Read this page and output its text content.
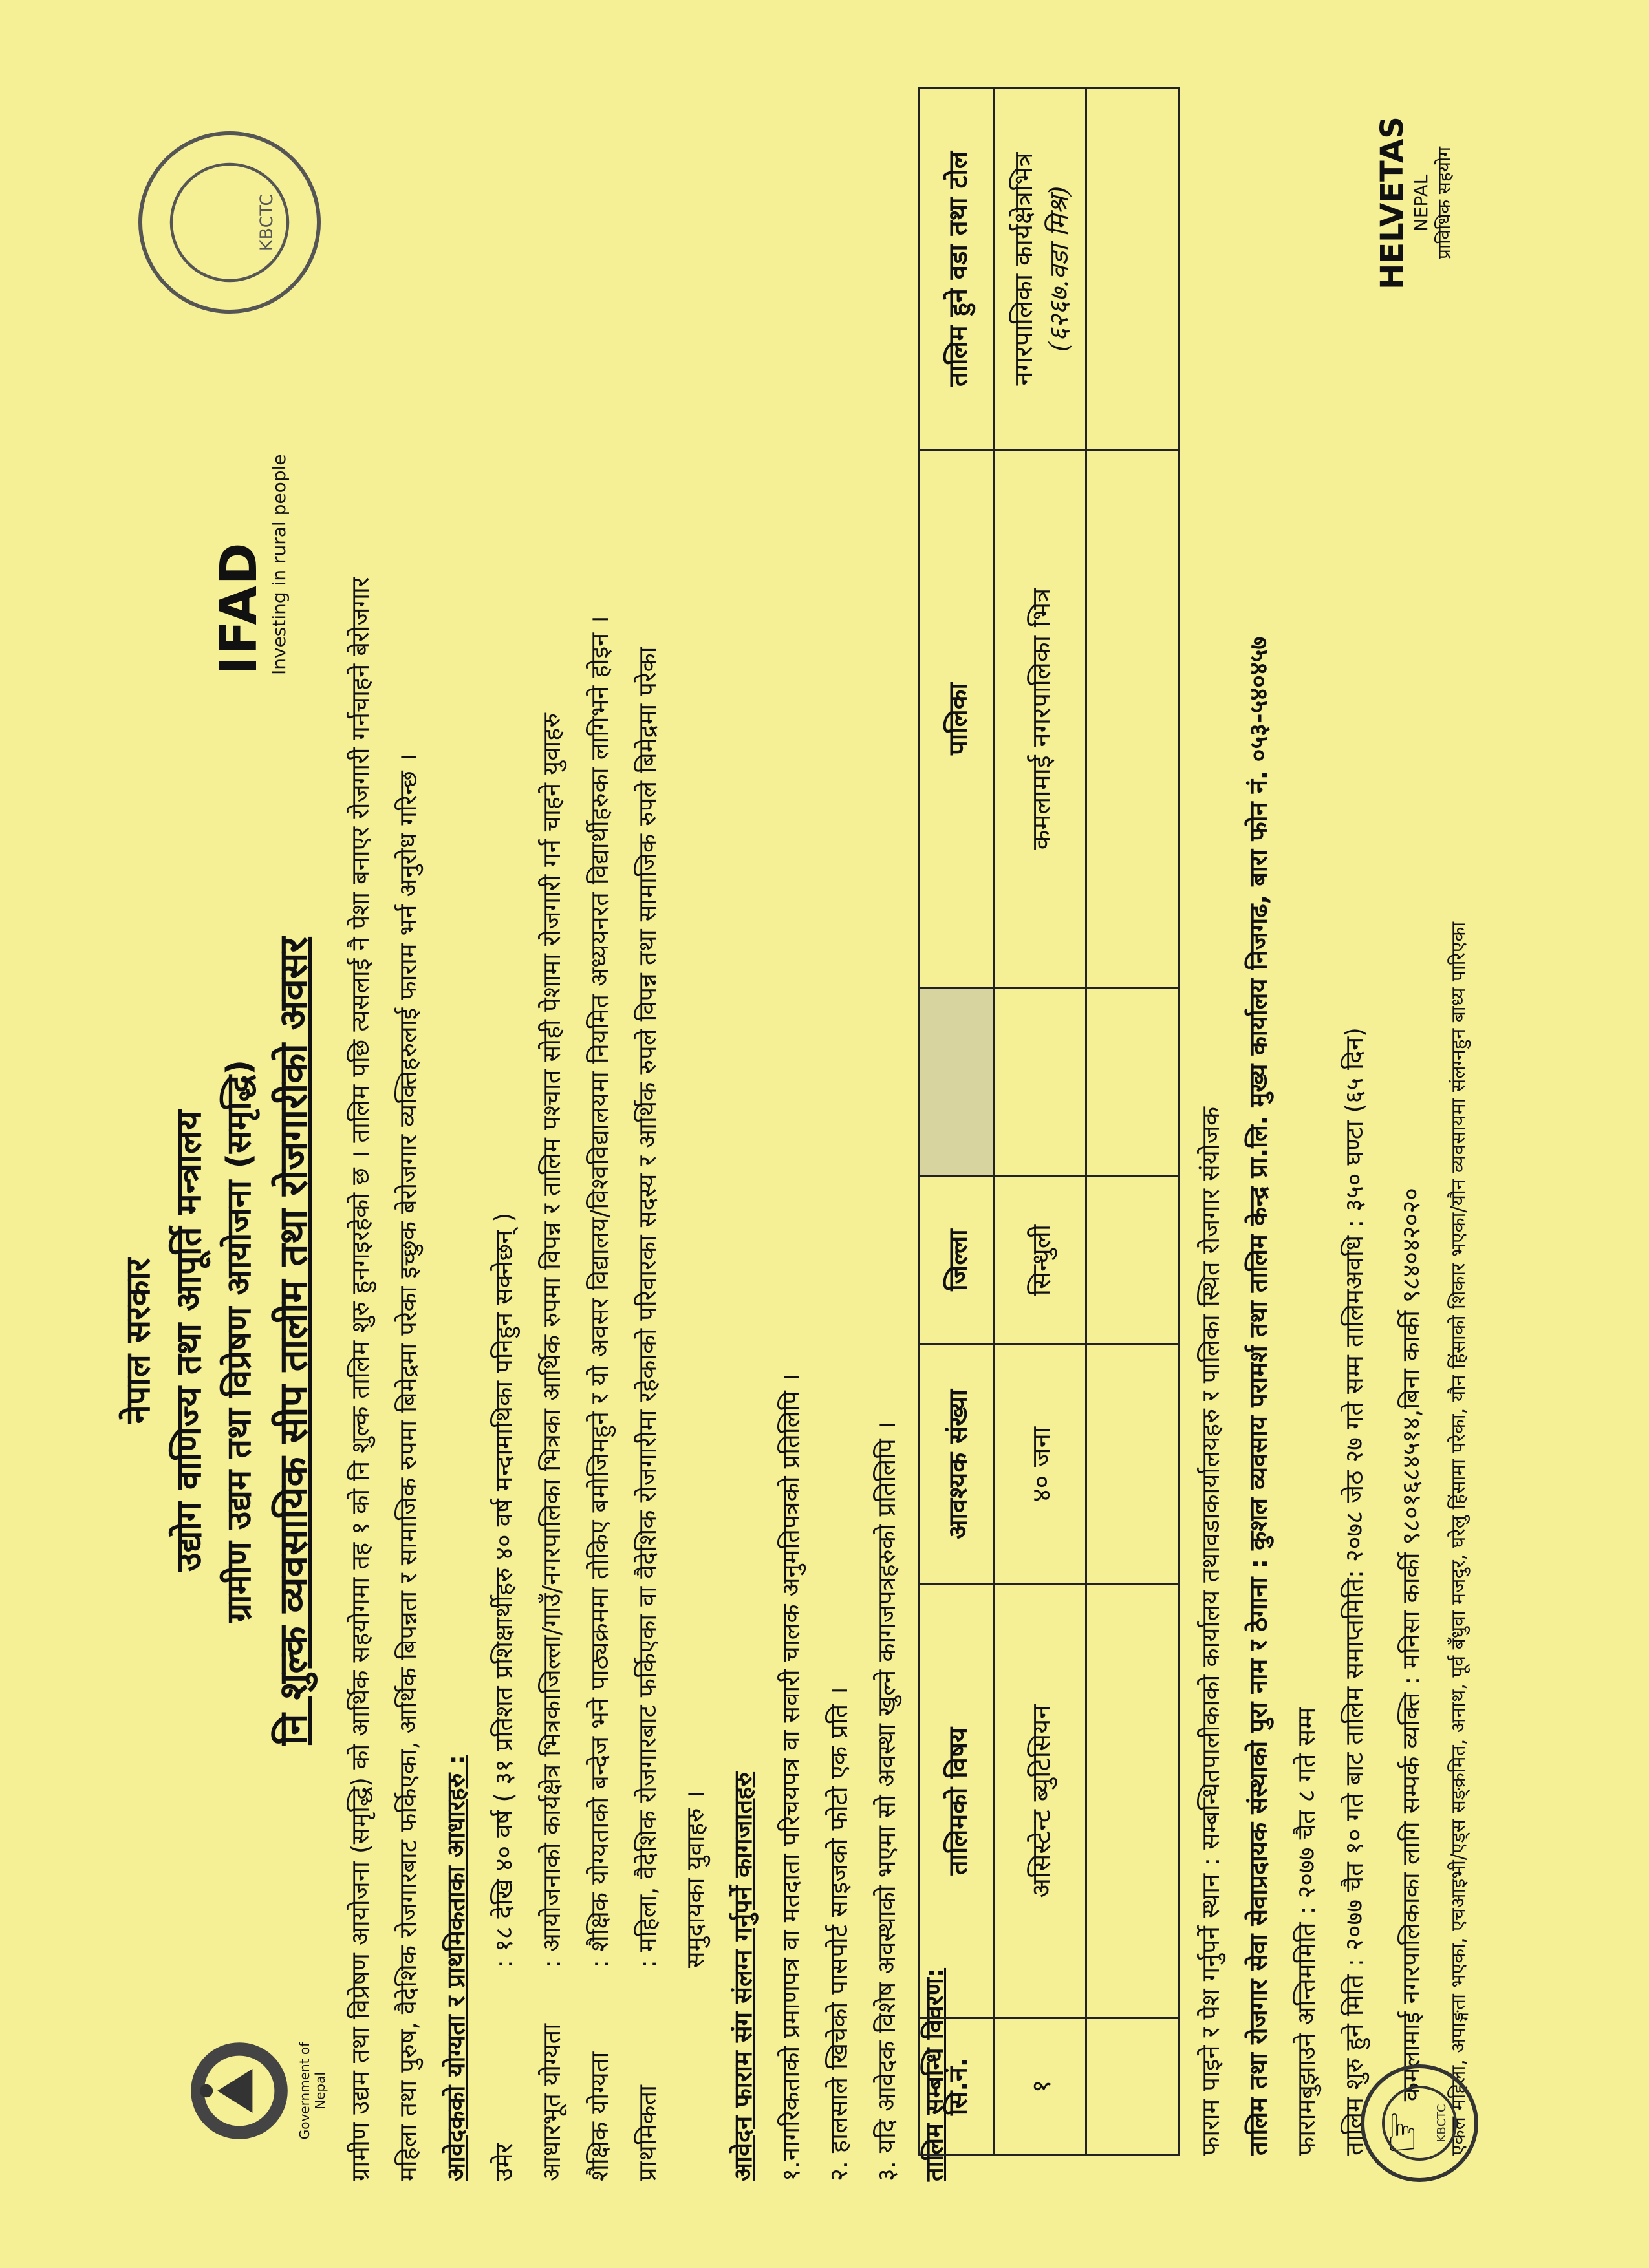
Government of Nepal
नेपाल सरकार उद्योग वाणिज्य तथा आपूर्ति मन्त्रालय ग्रामीण उद्यम तथा विप्रेषण आयोजना (समृद्धि) नि शुल्क व्यवसायिक सीप तालीम तथा रोजगारीको अवसर
IFAD Investing in rural people
KBCTC

ग्रामीण उद्यम तथा विप्रेषण आयोजना (समृद्धि) को आर्थिक सहयोगमा तह १ को नि शुल्क तालिम शुरु हुनगइरहेको छ । तालिम पछि त्यसलाई नै पेशा बनाएर रोजगारी गर्नचाहने बेरोजगार महिला तथा पुरुष, वैदेशिक रोजगारबाट फर्किएका, आर्थिक बिपन्नता र सामाजिक रुपमा बिमेद्रमा परेका इच्छुक बेरोजगार व्यक्तिहरुलाई फाराम भर्न अनुरोध गरिन्छ । आवेदकको योग्यता र प्राथमिकताका आधारहरु : उमेर
: १८ देखि ४० वर्ष ( ३१ प्रतिशत प्रशिक्षार्थीहरु ४० वर्ष मन्दामाथिका पनिहुन सक्नेछन् )
आधारभूत योग्यता
: आयोजनाको कार्यक्षेत्र भित्रकाजिल्ला/गाउँ/नगरपालिका भित्रका आर्थिक रुपमा विपन्न र तालिम पश्चात सोही पेशामा रोजगारी गर्न चाहने युवाहरु
शैक्षिक योग्यता
: शैक्षिक योग्यताको बन्देज भने पाठ्यक्रममा तोकिए बमोजिमहुने र यो अवसर विद्यालय/विश्वविद्यालयमा नियमित अध्ययनरत विद्यार्थीहरुका लागिभने होइन ।
प्राथमिकता
: महिला, वैदेशिक रोजगारबाट फर्किएका वा वैदेशिक रोजगारीमा रहेकाको परिवारका सदस्य र आर्थिक रुपले विपन्न तथा सामाजिक रुपले बिमेद्रमा परेका समुदायका युवाहरु । आवेदन फाराम संग संलग्न गर्नुपर्ने कागजातहरु १.नागरिकताको प्रमाणपत्र वा मतदाता परिचयपत्र वा सवारी चालक अनुमतिपत्रको प्रतिलिपि । २. हालसाले खिचेको पासपोर्ट साइजको फोटो एक प्रति । ३. यदि आवेदक विशेष अवस्थाको भएमा सो अवस्था खुल्ने कागजपत्रहरुको प्रतिलिपि । तालिम सम्बन्धि विवरण:

सि.नं.	तालिमको विषय	आवश्यक संख्या	जिल्ला		पालिका	तालिम हुने वडा तथा टोल
१	असिस्टेन्ट ब्युटिसियन	४० जना	सिन्धुली		कमलामाई नगरपालिका भित्र	नगरपालिका कार्यक्षेत्रभित्र (६२६७.वडा मिश्र)

फाराम पाइने र पेश गर्नुपर्ने स्थान : सम्बन्धितपालीकाको कार्यालय तथावडाकार्यालयहरु र पालिका स्थित रोजगार संयोजक तालिम तथा रोजगार सेवा सेवाप्रदायक संस्थाको पुरा नाम र ठेगाना : कुशल व्यवसाय परामर्श तथा तालिम केन्द्र प्रा.लि. मुख्य कार्यालय निजगढ, बारा फोन नं. ०५३-५४०४५७ फारामबुझाउने अन्तिममिति : २०७७ चैत ८ गते सम्म तालिम शुरु हुने मिति : २०७७ चैत १० गते बाट तालिम समाप्तमिति: २०७८ जेठ २७ गते सम्म तालिमअवधि : ३५० घण्टा (६५ दिन) ☞ कमलामाई नगरपालिकाका लागि सम्पर्क व्यक्ति : मनिसा कार्की ९८०१६८४५१४,बिना कार्की ९८४०४२०२०	एकल महिला, अपाङ्गता भएका, एचआइभी/एड्स सङ्क्रमित, अनाथ, पूर्व बँधुवा मजदुर, घरेलु हिंसामा परेका, यौन हिंसाको शिकार भएका/यौन व्यवसायमा संलग्नहुन बाध्य पारिएका

KBCTC
HELVETAS NEPAL प्राविधिक सहयोग
